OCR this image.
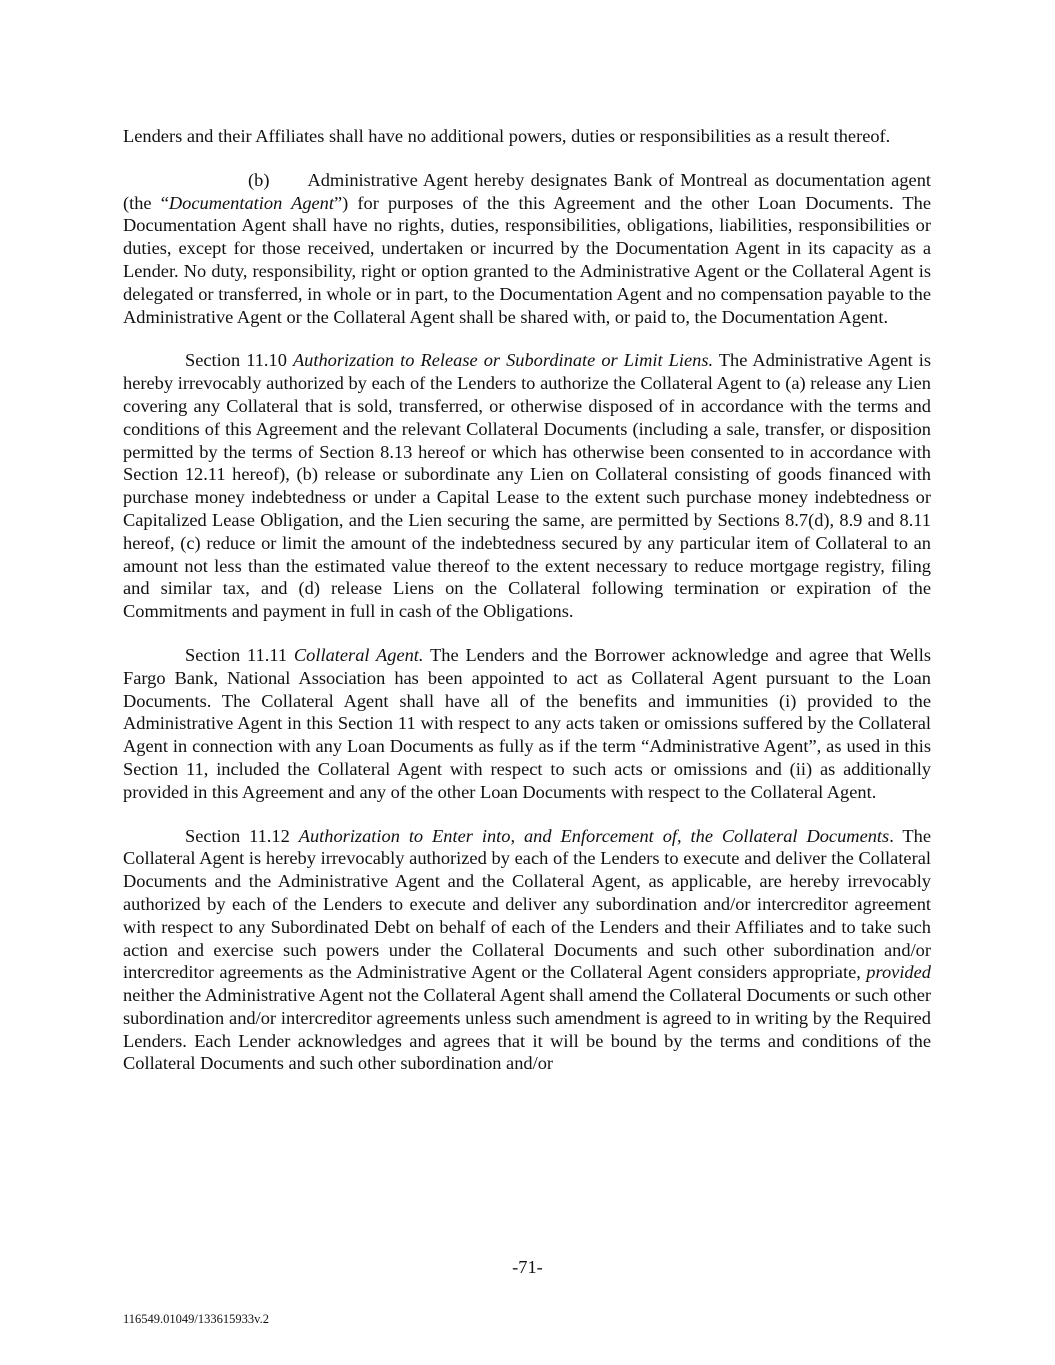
Lenders and their Affiliates shall have no additional powers, duties or responsibilities as a result thereof.

(b) Administrative Agent hereby designates Bank of Montreal as documentation agent (the “Documentation Agent”) for purposes of the this Agreement and the other Loan Documents. The Documentation Agent shall have no rights, duties, responsibilities, obligations, liabilities, responsibilities or duties, except for those received, undertaken or incurred by the Documentation Agent in its capacity as a Lender. No duty, responsibility, right or option granted to the Administrative Agent or the Collateral Agent is delegated or transferred, in whole or in part, to the Documentation Agent and no compensation payable to the Administrative Agent or the Collateral Agent shall be shared with, or paid to, the Documentation Agent.

Section 11.10 Authorization to Release or Subordinate or Limit Liens. The Administrative Agent is hereby irrevocably authorized by each of the Lenders to authorize the Collateral Agent to (a) release any Lien covering any Collateral that is sold, transferred, or otherwise disposed of in accordance with the terms and conditions of this Agreement and the relevant Collateral Documents (including a sale, transfer, or disposition permitted by the terms of Section 8.13 hereof or which has otherwise been consented to in accordance with Section 12.11 hereof), (b) release or subordinate any Lien on Collateral consisting of goods financed with purchase money indebtedness or under a Capital Lease to the extent such purchase money indebtedness or Capitalized Lease Obligation, and the Lien securing the same, are permitted by Sections 8.7(d), 8.9 and 8.11 hereof, (c) reduce or limit the amount of the indebtedness secured by any particular item of Collateral to an amount not less than the estimated value thereof to the extent necessary to reduce mortgage registry, filing and similar tax, and (d) release Liens on the Collateral following termination or expiration of the Commitments and payment in full in cash of the Obligations.

Section 11.11 Collateral Agent. The Lenders and the Borrower acknowledge and agree that Wells Fargo Bank, National Association has been appointed to act as Collateral Agent pursuant to the Loan Documents. The Collateral Agent shall have all of the benefits and immunities (i) provided to the Administrative Agent in this Section 11 with respect to any acts taken or omissions suffered by the Collateral Agent in connection with any Loan Documents as fully as if the term “Administrative Agent”, as used in this Section 11, included the Collateral Agent with respect to such acts or omissions and (ii) as additionally provided in this Agreement and any of the other Loan Documents with respect to the Collateral Agent.

Section 11.12 Authorization to Enter into, and Enforcement of, the Collateral Documents. The Collateral Agent is hereby irrevocably authorized by each of the Lenders to execute and deliver the Collateral Documents and the Administrative Agent and the Collateral Agent, as applicable, are hereby irrevocably authorized by each of the Lenders to execute and deliver any subordination and/or intercreditor agreement with respect to any Subordinated Debt on behalf of each of the Lenders and their Affiliates and to take such action and exercise such powers under the Collateral Documents and such other subordination and/or intercreditor agreements as the Administrative Agent or the Collateral Agent considers appropriate, provided neither the Administrative Agent not the Collateral Agent shall amend the Collateral Documents or such other subordination and/or intercreditor agreements unless such amendment is agreed to in writing by the Required Lenders. Each Lender acknowledges and agrees that it will be bound by the terms and conditions of the Collateral Documents and such other subordination and/or

-71-
116549.01049/133615933v.2
